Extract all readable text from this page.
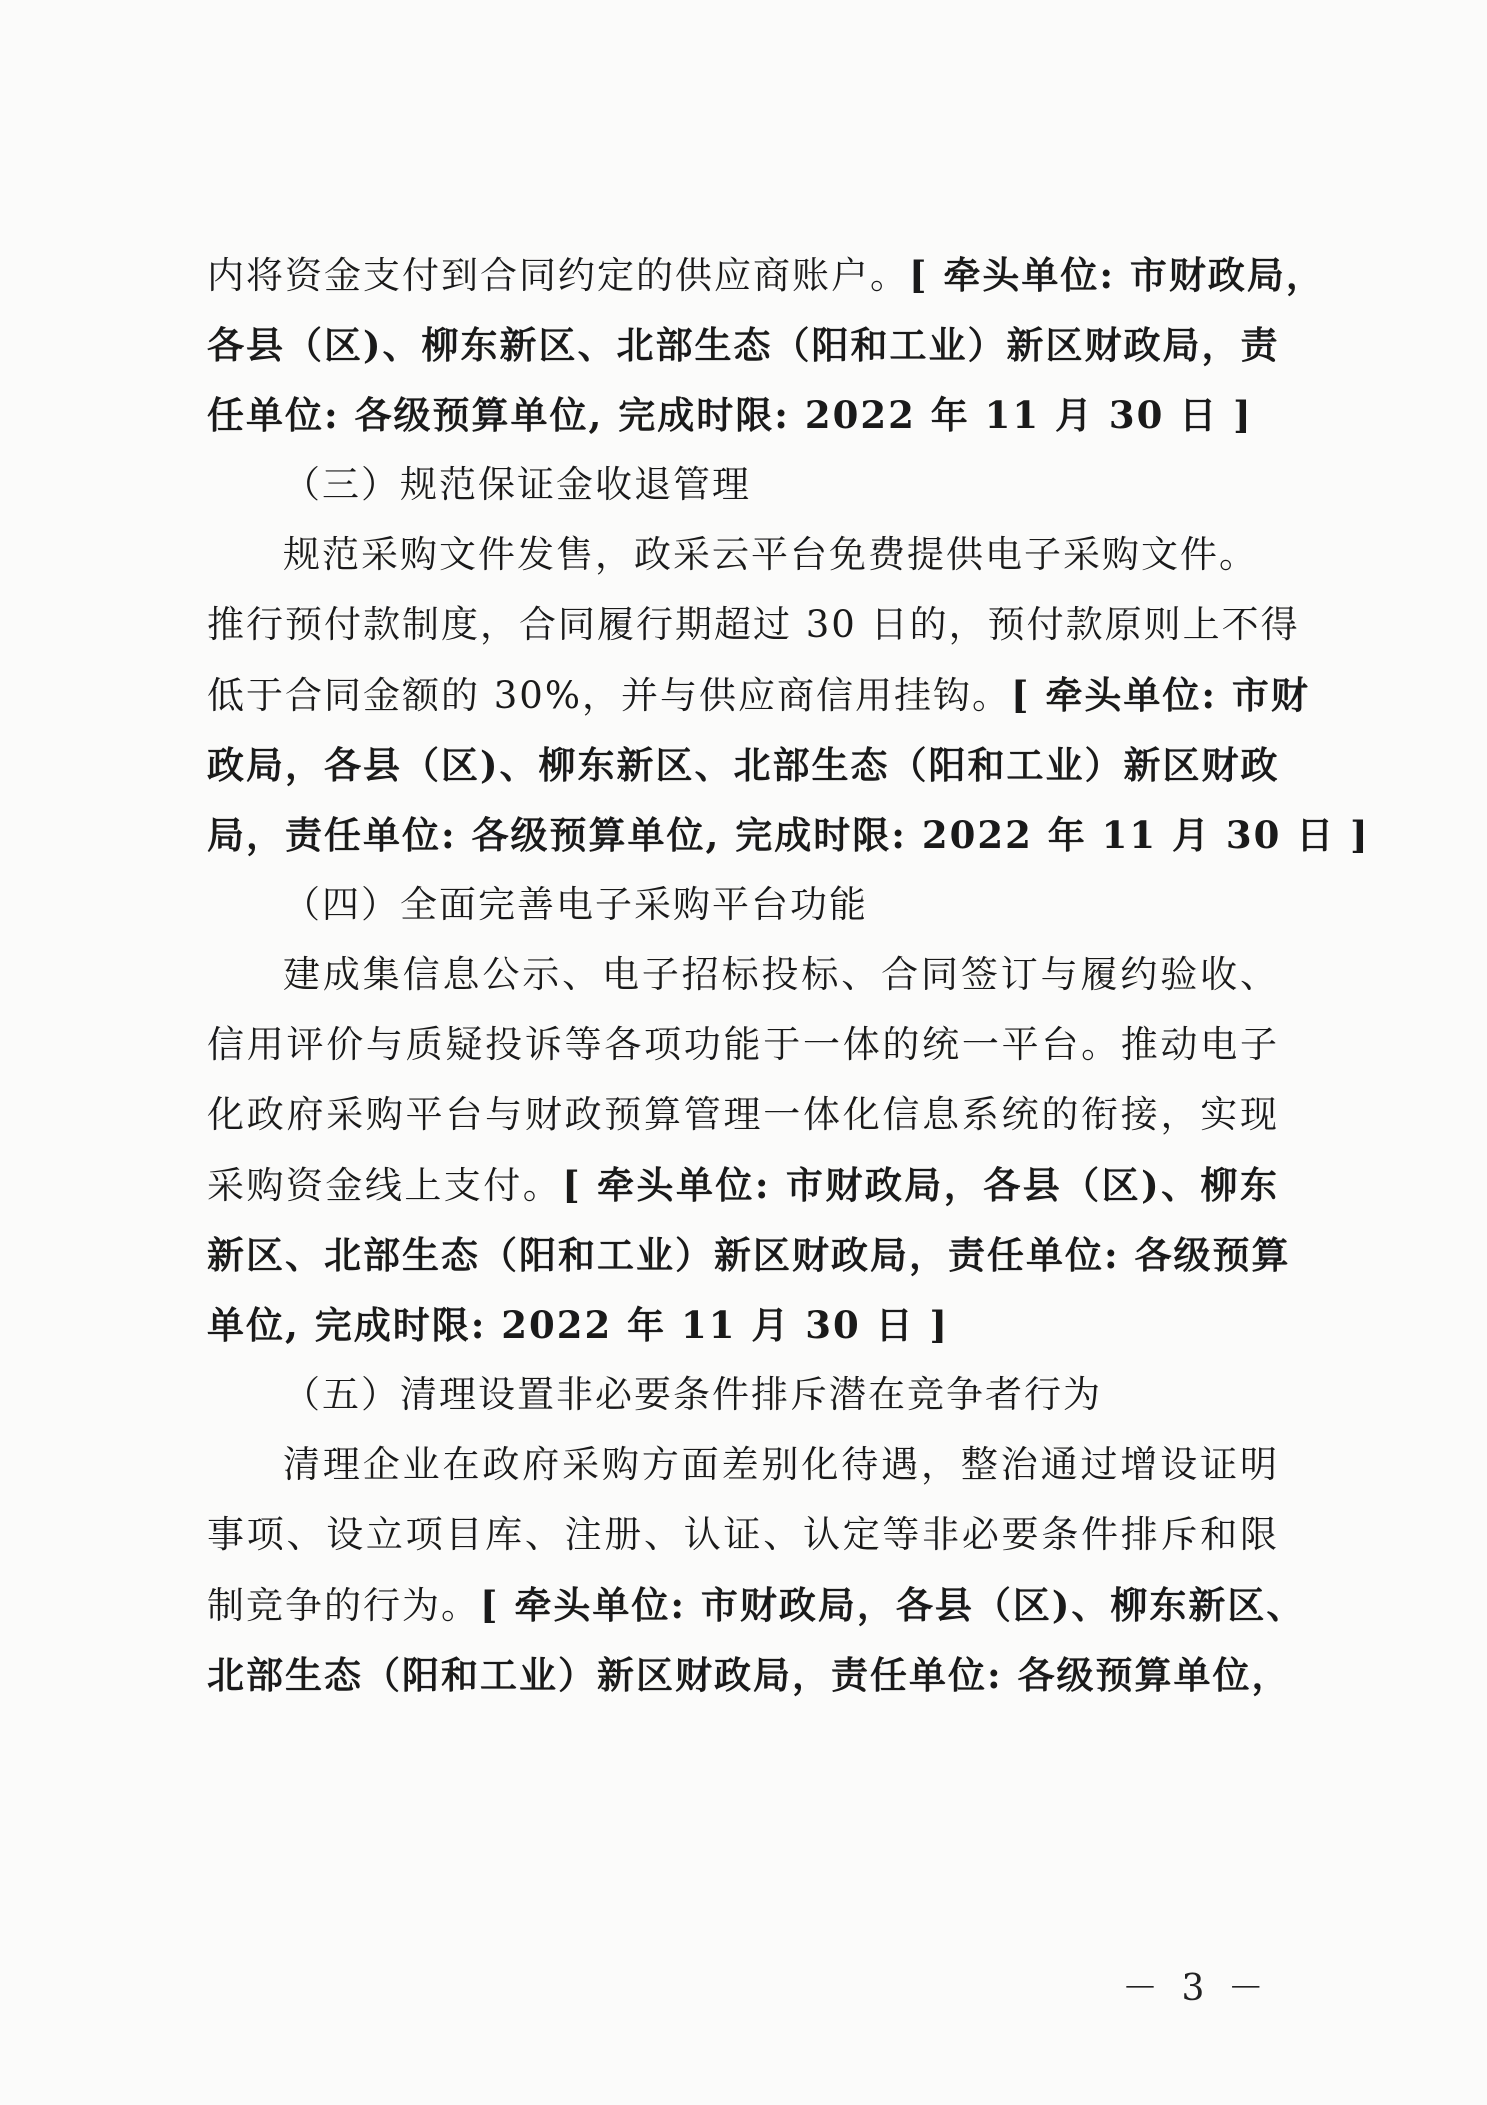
内将资金支付到合同约定的供应商账户。[ 牵头单位: 市财政局，
各县（区)、柳东新区、北部生态（阳和工业）新区财政局，责
任单位: 各级预算单位, 完成时限: 2022 年 11 月 30 日 ]
（三）规范保证金收退管理
规范采购文件发售，政采云平台免费提供电子采购文件。
推行预付款制度，合同履行期超过 30 日的，预付款原则上不得
低于合同金额的 30%，并与供应商信用挂钩。[ 牵头单位: 市财
政局，各县（区)、柳东新区、北部生态（阳和工业）新区财政
局，责任单位: 各级预算单位, 完成时限: 2022 年 11 月 30 日 ]
（四）全面完善电子采购平台功能
建成集信息公示、电子招标投标、合同签订与履约验收、
信用评价与质疑投诉等各项功能于一体的统一平台。推动电子
化政府采购平台与财政预算管理一体化信息系统的衔接，实现
采购资金线上支付。[ 牵头单位: 市财政局，各县（区)、柳东
新区、北部生态（阳和工业）新区财政局，责任单位: 各级预算
单位, 完成时限: 2022 年 11 月 30 日 ]
（五）清理设置非必要条件排斥潜在竞争者行为
清理企业在政府采购方面差别化待遇，整治通过增设证明
事项、设立项目库、注册、认证、认定等非必要条件排斥和限
制竞争的行为。[ 牵头单位: 市财政局，各县（区)、柳东新区、
北部生态（阳和工业）新区财政局，责任单位: 各级预算单位，
－ 3 －
